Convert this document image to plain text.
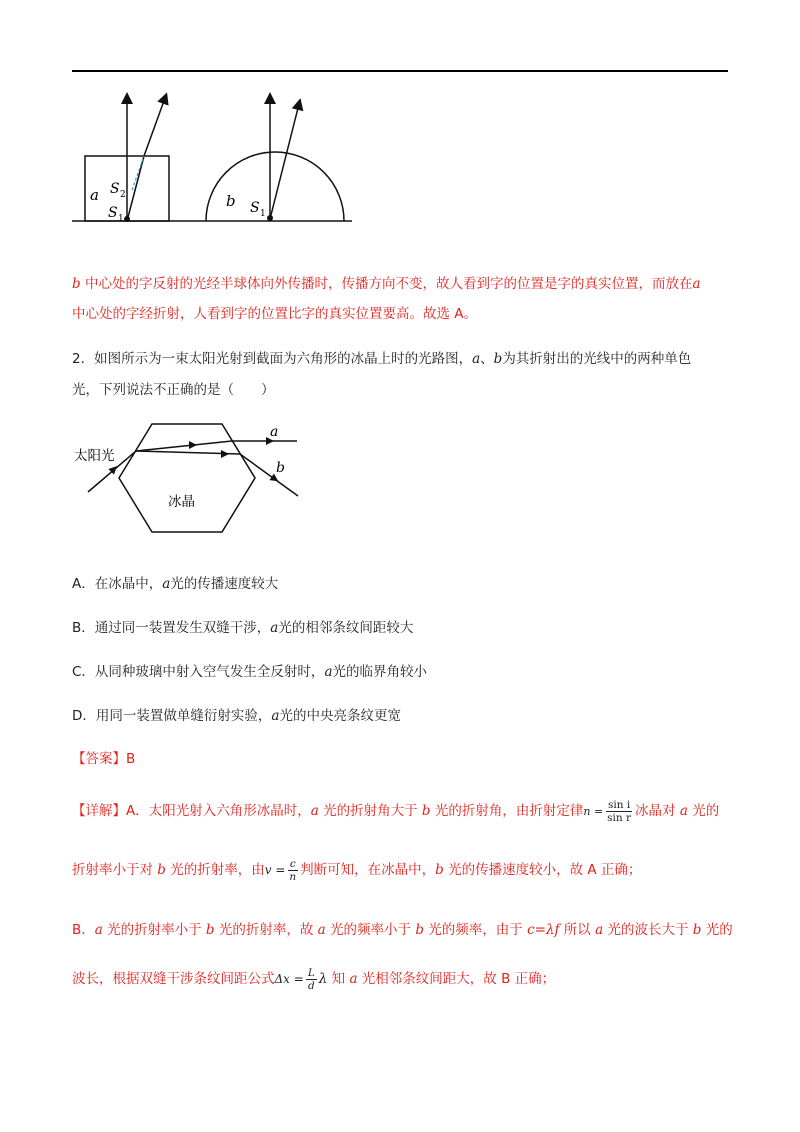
a S 2
S 1
b S 1
b 中心处的字反射的光经半球体向外传播时，传播方向不变，故人看到字的位置是字的真实位置，而放在a
中心处的字经折射，人看到字的位置比字的真实位置要高。故选 A。
2．如图所示为一束太阳光射到截面为六角形的冰晶上时的光路图，a、b为其折射出的光线中的两种单色
光，下列说法不正确的是（　　）
太阳光
冰晶
a
b
A．在冰晶中，a光的传播速度较大
B．通过同一装置发生双缝干涉，a光的相邻条纹间距较大
C．从同种玻璃中射入空气发生全反射时，a光的临界角较小
D．用同一装置做单缝衍射实验，a光的中央亮条纹更宽
【答案】B
【详解】A．太阳光射入六角形冰晶时，a 光的折射角大于 b 光的折射角，由折射定律$n = \frac{\text{sin i}}{\text{sin r}}$ 冰晶对 a 光的
折射率小于对 b 光的折射率，由$v = \frac{c}{n}$ 判断可知，在冰晶中，b 光的传播速度较小，故 A 正确；
B．a 光的折射率小于 b 光的折射率，故 a 光的频率小于 b 光的频率，由于 c=λf 所以 a 光的波长大于 b 光的
波长，根据双缝干涉条纹间距公式$\Delta x = \frac{L}{d}$ λ 知 a 光相邻条纹间距大，故 B 正确；
